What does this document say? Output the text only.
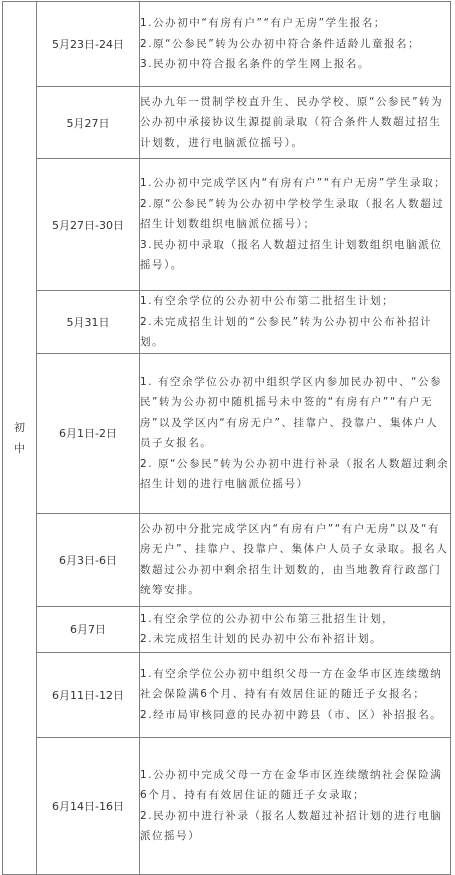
初中	5月23日-24日	1.公办初中“有房有户”“有户无房”学生报名；

2.原“公参民”转为公办初中符合条件适龄儿童报名；

3.民办初中符合报名条件的学生网上报名。

	5月27日	民办九年一贯制学校直升生、民办学校、原“公参民”转为公办初中承接协议生源提前录取（符合条件人数超过招生计划数，进行电脑派位摇号）。

	5月27日-30日	1.公办初中完成学区内“有房有户”“有户无房”学生录取；

2.原“公参民”转为公办初中学校学生录取（报名人数超过招生计划数组织电脑派位摇号）；

3.民办初中录取（报名人数超过招生计划数组织电脑派位摇号）。

	5月31日	1.有空余学位的公办初中公布第二批招生计划；

2.未完成招生计划的“公参民”转为公办初中公布补招计划。

	6月1日-2日	1. 有空余学位公办初中组织学区内参加民办初中、“公参民”转为公办初中随机摇号未中签的“有房有户”“有户无房”以及学区内“有房无户”、挂靠户、投靠户、集体户人员子女报名。

2. 原“公参民”转为公办初中进行补录（报名人数超过剩余招生计划的进行电脑派位摇号）

	6月3日-6日	公办初中分批完成学区内“有房有户”“有户无房”以及“有房无户”、挂靠户、投靠户、集体户人员子女录取。报名人数超过公办初中剩余招生计划数的，由当地教育行政部门统筹安排。

	6月7日	1.有空余学位的公办初中公布第三批招生计划，

2.未完成招生计划的民办初中公布补招计划。

	6月11日-12日	1.有空余学位公办初中组织父母一方在金华市区连续缴纳社会保险满6个月、持有有效居住证的随迁子女报名；

2.经市局审核同意的民办初中跨县（市、区）补招报名。

	6月14日-16日	1.公办初中完成父母一方在金华市区连续缴纳社会保险满6个月、持有有效居住证的随迁子女录取；

2.民办初中进行补录（报名人数超过补招计划的进行电脑派位摇号）
